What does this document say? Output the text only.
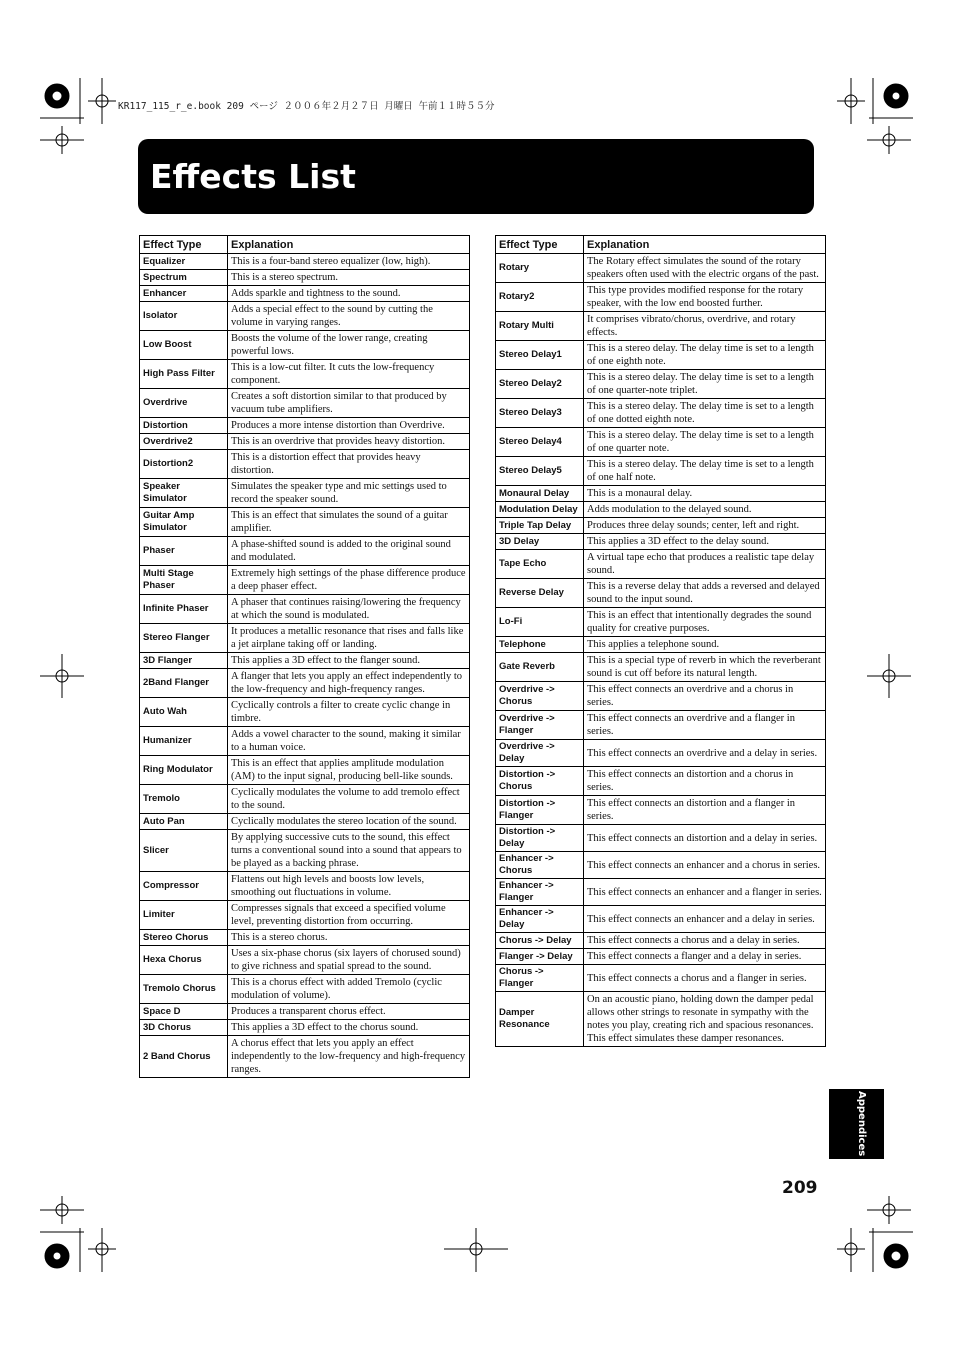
KR117_115_r_e.book 209 ページ ２００６年２月２７日 月曜日 午前１１時５５分
Effects List
Effect Type	Explanation
Equalizer	This is a four-band stereo equalizer (low, high).
Spectrum	This is a stereo spectrum.
Enhancer	Adds sparkle and tightness to the sound.
Isolator	Adds a special effect to the sound by cutting the volume in varying ranges.
Low Boost	Boosts the volume of the lower range, creating powerful lows.
High Pass Filter	This is a low-cut filter. It cuts the low-frequency component.
Overdrive	Creates a soft distortion similar to that produced by vacuum tube amplifiers.
Distortion	Produces a more intense distortion than Overdrive.
Overdrive2	This is an overdrive that provides heavy distortion.
Distortion2	This is a distortion effect that provides heavy distortion.
Speaker Simulator	Simulates the speaker type and mic settings used to record the speaker sound.
Guitar Amp Simulator	This is an effect that simulates the sound of a guitar amplifier.
Phaser	A phase-shifted sound is added to the original sound and modulated.
Multi Stage Phaser	Extremely high settings of the phase difference produce a deep phaser effect.
Infinite Phaser	A phaser that continues raising/lowering the frequency at which the sound is modulated.
Stereo Flanger	It produces a metallic resonance that rises and falls like a jet airplane taking off or landing.
3D Flanger	This applies a 3D effect to the flanger sound.
2Band Flanger	A flanger that lets you apply an effect independently to the low-frequency and high-frequency ranges.
Auto Wah	Cyclically controls a filter to create cyclic change in timbre.
Humanizer	Adds a vowel character to the sound, making it similar to a human voice.
Ring Modulator	This is an effect that applies amplitude modulation (AM) to the input signal, producing bell-like sounds.
Tremolo	Cyclically modulates the volume to add tremolo effect to the sound.
Auto Pan	Cyclically modulates the stereo location of the sound.
Slicer	By applying successive cuts to the sound, this effect turns a conventional sound into a sound that appears to be played as a backing phrase.
Compressor	Flattens out high levels and boosts low levels, smoothing out fluctuations in volume.
Limiter	Compresses signals that exceed a specified volume level, preventing distortion from occurring.
Stereo Chorus	This is a stereo chorus.
Hexa Chorus	Uses a six-phase chorus (six layers of chorused sound) to give richness and spatial spread to the sound.
Tremolo Chorus	This is a chorus effect with added Tremolo (cyclic modulation of volume).
Space D	Produces a transparent chorus effect.
3D Chorus	This applies a 3D effect to the chorus sound.
2 Band Chorus	A chorus effect that lets you apply an effect independently to the low-frequency and high-frequency ranges.
Effect Type	Explanation
Rotary	The Rotary effect simulates the sound of the rotary speakers often used with the electric organs of the past.
Rotary2	This type provides modified response for the rotary speaker, with the low end boosted further.
Rotary Multi	It comprises vibrato/chorus, overdrive, and rotary effects.
Stereo Delay1	This is a stereo delay. The delay time is set to a length of one eighth note.
Stereo Delay2	This is a stereo delay. The delay time is set to a length of one quarter-note triplet.
Stereo Delay3	This is a stereo delay. The delay time is set to a length of one dotted eighth note.
Stereo Delay4	This is a stereo delay. The delay time is set to a length of one quarter note.
Stereo Delay5	This is a stereo delay. The delay time is set to a length of one half note.
Monaural Delay	This is a monaural delay.
Modulation Delay	Adds modulation to the delayed sound.
Triple Tap Delay	Produces three delay sounds; center, left and right.
3D Delay	This applies a 3D effect to the delay sound.
Tape Echo	A virtual tape echo that produces a realistic tape delay sound.
Reverse Delay	This is a reverse delay that adds a reversed and delayed sound to the input sound.
Lo-Fi	This is an effect that intentionally degrades the sound quality for creative purposes.
Telephone	This applies a telephone sound.
Gate Reverb	This is a special type of reverb in which the reverberant sound is cut off before its natural length.
Overdrive -> Chorus	This effect connects an overdrive and a chorus in series.
Overdrive -> Flanger	This effect connects an overdrive and a flanger in series.
Overdrive -> Delay	This effect connects an overdrive and a delay in series.
Distortion -> Chorus	This effect connects an distortion and a chorus in series.
Distortion -> Flanger	This effect connects an distortion and a flanger in series.
Distortion -> Delay	This effect connects an distortion and a delay in series.
Enhancer -> Chorus	This effect connects an enhancer and a chorus in series.
Enhancer -> Flanger	This effect connects an enhancer and a flanger in series.
Enhancer -> Delay	This effect connects an enhancer and a delay in series.
Chorus -> Delay	This effect connects a chorus and a delay in series.
Flanger -> Delay	This effect connects a flanger and a delay in series.
Chorus -> Flanger	This effect connects a chorus and a flanger in series.
Damper Resonance	On an acoustic piano, holding down the damper pedal allows other strings to resonate in sympathy with the notes you play, creating rich and spacious resonances. This effect simulates these damper resonances.
Appendices
209
